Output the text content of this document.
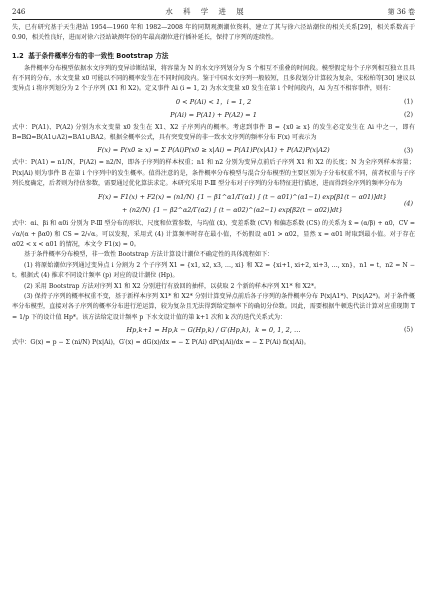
246	水 科 学 进 展	第 36 卷

失，已有研究基于天生港站 1954—1960 年和 1982—2008 年的同期观测潮位资料，建立了其与徐六泾站潮位的相关关系[29]，相关系数高于 0.90，相关性良好，进而对徐六泾站缺测年份的年最高潮位进行插补延长，保持了序列的连续性。

1.2 基于条件概率分布的非一致性 Bootstrap 方法

条件概率分布模型依据水文序列的变异诊断结果，将容量为 N 的水文序列划分为 S 个相互不重叠的时间段。模型假定每个子序列相互独立且具有不同的分布，水文变量 x0 可能以不同的概率发生在不同时间段内。鉴于中国水文序列一般较短，且多段划分计算较为复杂，宋松柏等[30] 建议以变异点 i 将序列划分为 2 个子序列 (X1 和 X2)。定义事件 Ai (i = 1, 2) 为水文变量 x0 发生在第 i 个时间段内，Ai 为互不相容事件，则有：

0 < P(Ai) < 1，i = 1, 2	(1)
P(Ai) = P(A1) + P(A2) = 1	(2)

式中：P(A1)、P(A2) 分别为水文变量 x0 发生在 X1、X2 子序列内的概率。考虑到事件 B = {x0 ≥ x} 的发生必定发生在 Ai 中之一，即有 B=BΩ=B(A1∪A2)=BA1∪BA2。根据全概率公式，具有突变变异的非一致水文序列的频率分布 F(x) 可表示为

F(x) = P(x0 ≥ x) = Σ P(Ai)P(x0 ≥ x|Ai) = P(A1)P(x|A1) + P(A2)P(x|A2)	(3)

式中：P(A1) = n1/N，P(A2) = n2/N，即各子序列的样本权重；n1 和 n2 分别为变异点前后子序列 X1 和 X2 的长度；N 为全序列样本容量；P(x|Ai) 则为事件 B 在第 i 个序列中的发生概率。值得注意的是，条件概率分布模型与混合分布模型的主要区别为子分布权重不同，前者权重与子序列长度确定，后者则为待估参数，需要通过优化算法求定。本研究采用 P-Ⅲ 型分布对子序列的分布特征进行描述，进而得到全序列的频率分布为

F(x) = F1(x) + F2(x) = (n1/N) {1 − β1^α1/Γ(α1) ∫ (t − α01)^(α1−1) exp[β1(t − α01)]dt}
+ (n2/N) {1 − β2^α2/Γ(α2) ∫ (t − α02)^(α2−1) exp[β2(t − α02)]dt}
(4)

式中：αi、βi 和 α0i 分别为 P-Ⅲ 型分布的形状、尺度和位置参数，与均值 (x̄)、变差系数 (CV) 和偏态系数 (CS) 的关系为 x̄ = (α/β) + α0，CV = √α/(α + βα0) 和 CS = 2/√α。可以发现，采用式 (4) 计算频率时存在最小值，不妨假设 α01 > α02，显然 x = α01 时取到最小值。对于存在 α02 < x < α01 的情况，本文令 F1(x) = 0。

基于条件概率分布模型，非一致性 Bootstrap 方法计算设计潮位不确定性的具体流程如下：

(1) 将原始潮位序列通过变异点 i 分割为 2 个子序列 X1 = {x1, x2, x3, …, xi} 和 X2 = {xi+1, xi+2, xi+3, …, xn}，n1 = t，n2 = N − t。根据式 (4) 推求不同设计频率 (p) 对应的设计潮位 (Hp)。

(2) 采用 Bootstrap 方法对序列 X1 和 X2 分别进行有放回的抽样，以获取 2 个新的样本序列 X1* 和 X2*。

(3) 保持子序列的概率权重不变，基于新样本序列 X1* 和 X2* 分别计算变异点前后各子序列的条件概率分布 P(x|A1*)、P(x|A2*)。对于条件概率分布模型，直接对各子序列的概率分布进行逆运算，较为复杂且无法得到给定频率下的确切分位数。因此，需要根据牛顿迭代法计算对应重现期 T = 1/p 下的设计值 Hp*。该方法给定设计频率 p 下水文设计值的第 k+1 次和 k 次的迭代关系式为：

Hp,k+1 = Hp,k − G(Hp,k) / G′(Hp,k)，k = 0, 1, 2, …	(5)

式中：G(x) = p − Σ (ni/N) P(x|Ai)，G′(x) = dG(x)/dx = − Σ P(Ai) dP(x|Ai)/dx = − Σ P(Ai) fi(x|Ai)。
